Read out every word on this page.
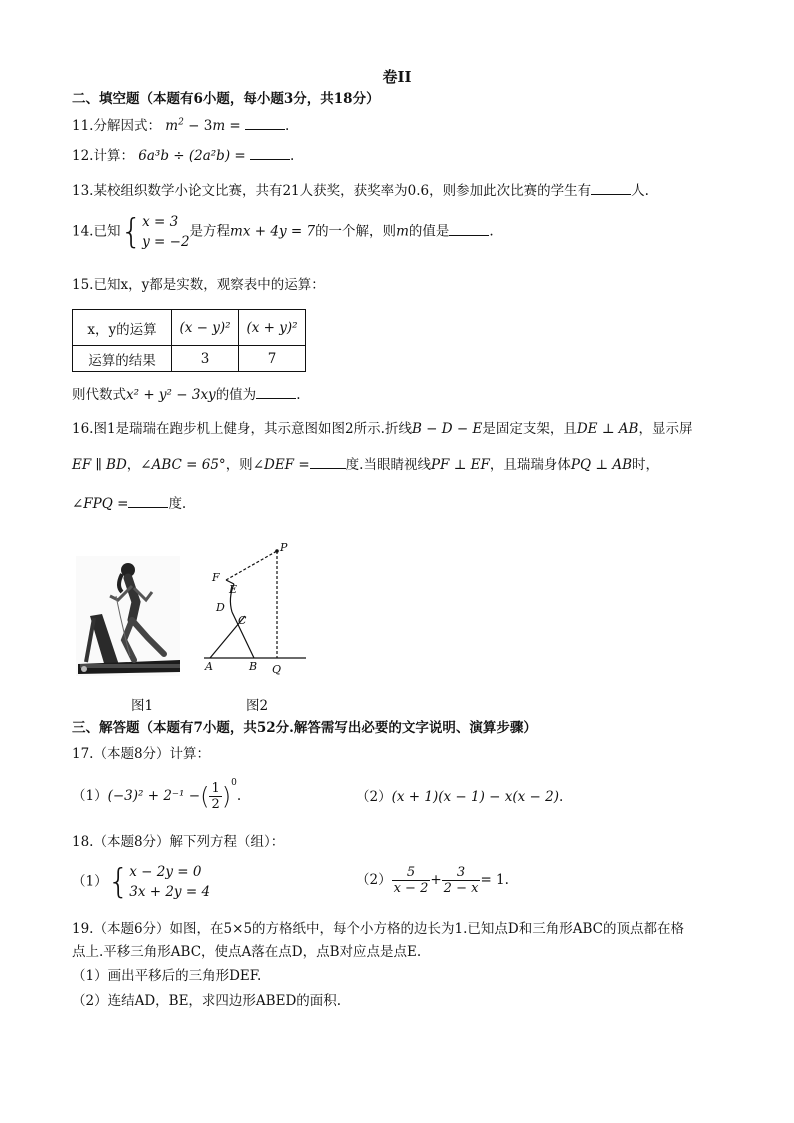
卷II
二、填空题（本题有6小题，每小题3分，共18分）
11.分解因式： $m^2 - 3m$ =	.
12.计算： 6a³b ÷ (2a²b) =	.
13.某校组织数学小论文比赛，共有21人获奖，获奖率为0.6，则参加此次比赛的学生有	人.
14.已知{ x = 3
y = −2
是方程mx + 4y = 7的一个解，则m的值是	.
15.已知x，y都是实数，观察表中的运算：
x，y的运算	(x − y)²	(x + y)²
运算的结果	3	7
则代数式x² + y² − 3xy的值为	.
16.图1是瑞瑞在跑步机上健身，其示意图如图2所示.折线B − D − E是固定支架，且DE ⊥ AB，显示屏
EF ∥ BD，∠ABC = 65°，则∠DEF =	度.当眼睛视线PF ⊥ EF，且瑞瑞身体PQ ⊥ AB时，
∠FPQ =	度.
P
F
E
D
C
A	B Q
图1	图2
三、解答题（本题有7小题，共52分.解答需写出必要的文字说明、演算步骤）
17.（本题8分）计算：
（1）(−3)² + 2⁻¹ −( $\frac{1}{2} )^0$.	（2）(x + 1)(x − 1) − x(x − 2).
18.（本题8分）解下列方程（组）：
（1）{ x − 2y = 0
3x + 2y = 4
$(2) \frac{5}{x - 2} + \frac{3}{2 - x} = 1$.
19.（本题6分）如图，在5×5的方格纸中，每个小方格的边长为1.已知点D和三角形ABC的顶点都在格
点上.平移三角形ABC，使点A落在点D，点B对应点是点E.
（1）画出平移后的三角形DEF.
（2）连结AD，BE，求四边形ABED的面积.
